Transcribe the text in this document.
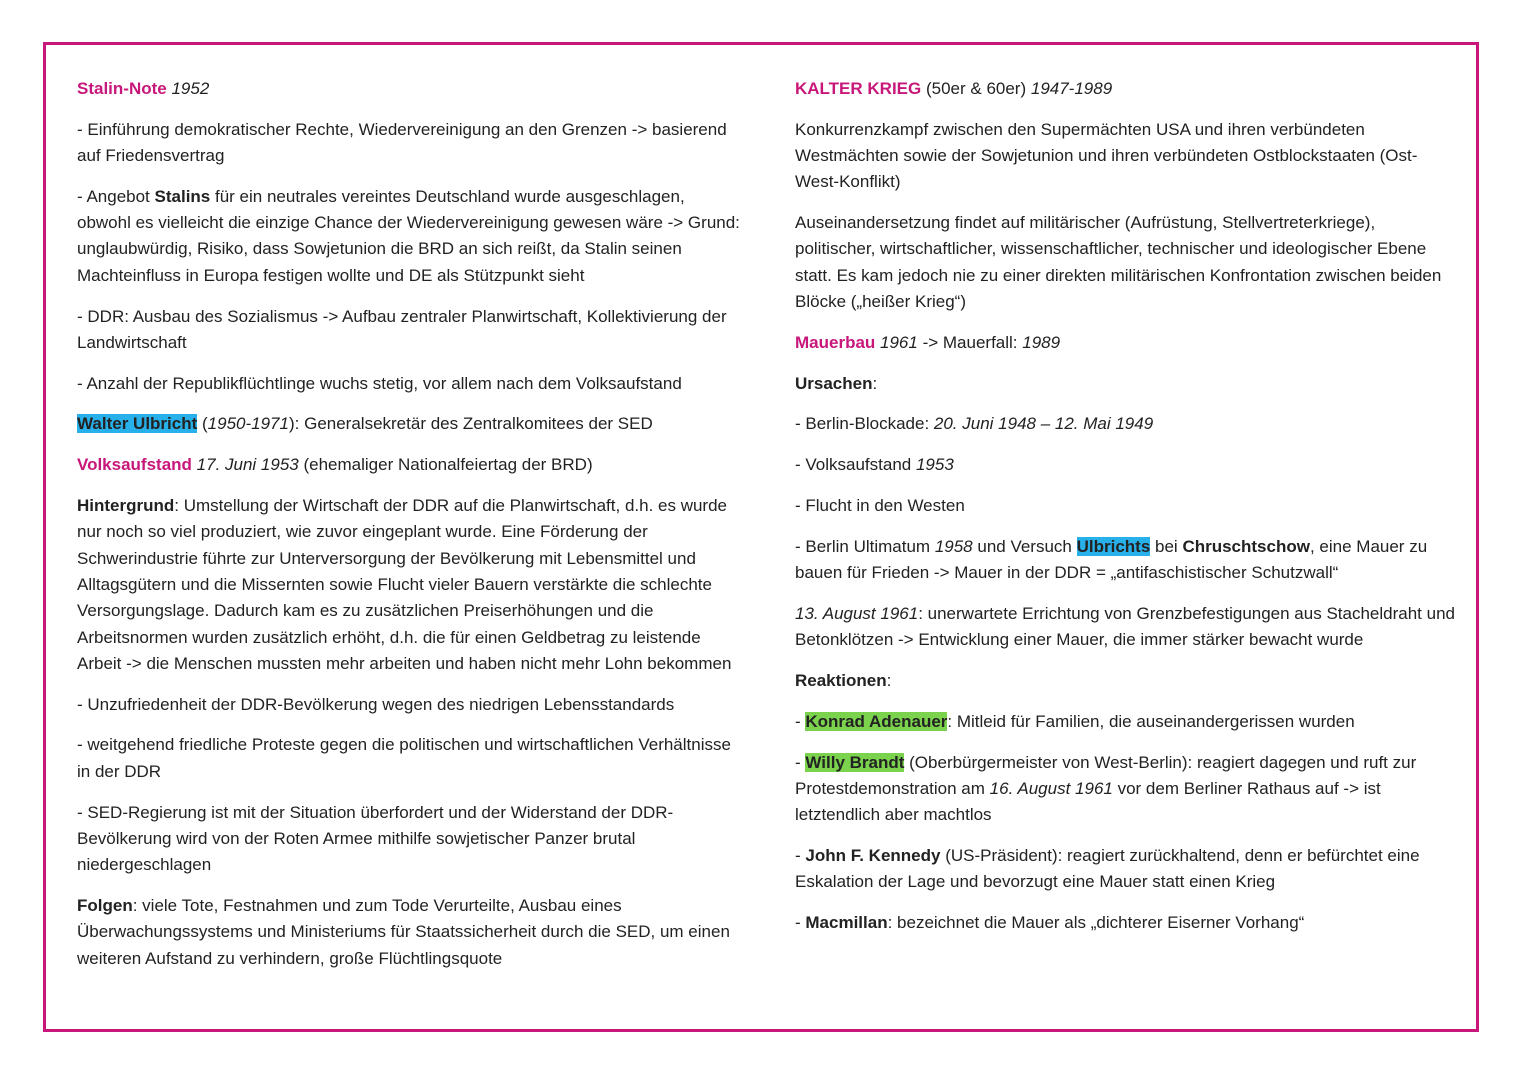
Stalin-Note 1952

- Einführung demokratischer Rechte, Wiedervereinigung an den Grenzen -> basierend auf Friedensvertrag

- Angebot Stalins für ein neutrales vereintes Deutschland wurde ausgeschlagen, obwohl es vielleicht die einzige Chance der Wiedervereinigung gewesen wäre -> Grund: unglaubwürdig, Risiko, dass Sowjetunion die BRD an sich reißt, da Stalin seinen Machteinfluss in Europa festigen wollte und DE als Stützpunkt sieht

- DDR: Ausbau des Sozialismus -> Aufbau zentraler Planwirtschaft, Kollektivierung der Landwirtschaft

- Anzahl der Republikflüchtlinge wuchs stetig, vor allem nach dem Volksaufstand

Walter Ulbricht (1950-1971): Generalsekretär des Zentralkomitees der SED

Volksaufstand 17. Juni 1953 (ehemaliger Nationalfeiertag der BRD)

Hintergrund: Umstellung der Wirtschaft der DDR auf die Planwirtschaft, d.h. es wurde nur noch so viel produziert, wie zuvor eingeplant wurde. Eine Förderung der Schwerindustrie führte zur Unterversorgung der Bevölkerung mit Lebensmittel und Alltagsgütern und die Missernten sowie Flucht vieler Bauern verstärkte die schlechte Versorgungslage. Dadurch kam es zu zusätzlichen Preiserhöhungen und die Arbeitsnormen wurden zusätzlich erhöht, d.h. die für einen Geldbetrag zu leistende Arbeit -> die Menschen mussten mehr arbeiten und haben nicht mehr Lohn bekommen

- Unzufriedenheit der DDR-Bevölkerung wegen des niedrigen Lebensstandards

- weitgehend friedliche Proteste gegen die politischen und wirtschaftlichen Verhältnisse in der DDR

- SED-Regierung ist mit der Situation überfordert und der Widerstand der DDR-Bevölkerung wird von der Roten Armee mithilfe sowjetischer Panzer brutal niedergeschlagen

Folgen: viele Tote, Festnahmen und zum Tode Verurteilte, Ausbau eines Überwachungssystems und Ministeriums für Staatssicherheit durch die SED, um einen weiteren Aufstand zu verhindern, große Flüchtlingsquote

KALTER KRIEG (50er & 60er) 1947-1989

Konkurrenzkampf zwischen den Supermächten USA und ihren verbündeten Westmächten sowie der Sowjetunion und ihren verbündeten Ostblockstaaten (Ost-West-Konflikt)

Auseinandersetzung findet auf militärischer (Aufrüstung, Stellvertreterkriege), politischer, wirtschaftlicher, wissenschaftlicher, technischer und ideologischer Ebene statt. Es kam jedoch nie zu einer direkten militärischen Konfrontation zwischen beiden Blöcke („heißer Krieg“)

Mauerbau 1961 -> Mauerfall: 1989

Ursachen:

- Berlin-Blockade: 20. Juni 1948 – 12. Mai 1949

- Volksaufstand 1953

- Flucht in den Westen

- Berlin Ultimatum 1958 und Versuch Ulbrichts bei Chruschtschow, eine Mauer zu bauen für Frieden -> Mauer in der DDR = „antifaschistischer Schutzwall“

13. August 1961: unerwartete Errichtung von Grenzbefestigungen aus Stacheldraht und Betonklötzen -> Entwicklung einer Mauer, die immer stärker bewacht wurde

Reaktionen:

- Konrad Adenauer: Mitleid für Familien, die auseinandergerissen wurden

- Willy Brandt (Oberbürgermeister von West-Berlin): reagiert dagegen und ruft zur Protestdemonstration am 16. August 1961 vor dem Berliner Rathaus auf -> ist letztendlich aber machtlos

- John F. Kennedy (US-Präsident): reagiert zurückhaltend, denn er befürchtet eine Eskalation der Lage und bevorzugt eine Mauer statt einen Krieg

- Macmillan: bezeichnet die Mauer als „dichterer Eiserner Vorhang“
